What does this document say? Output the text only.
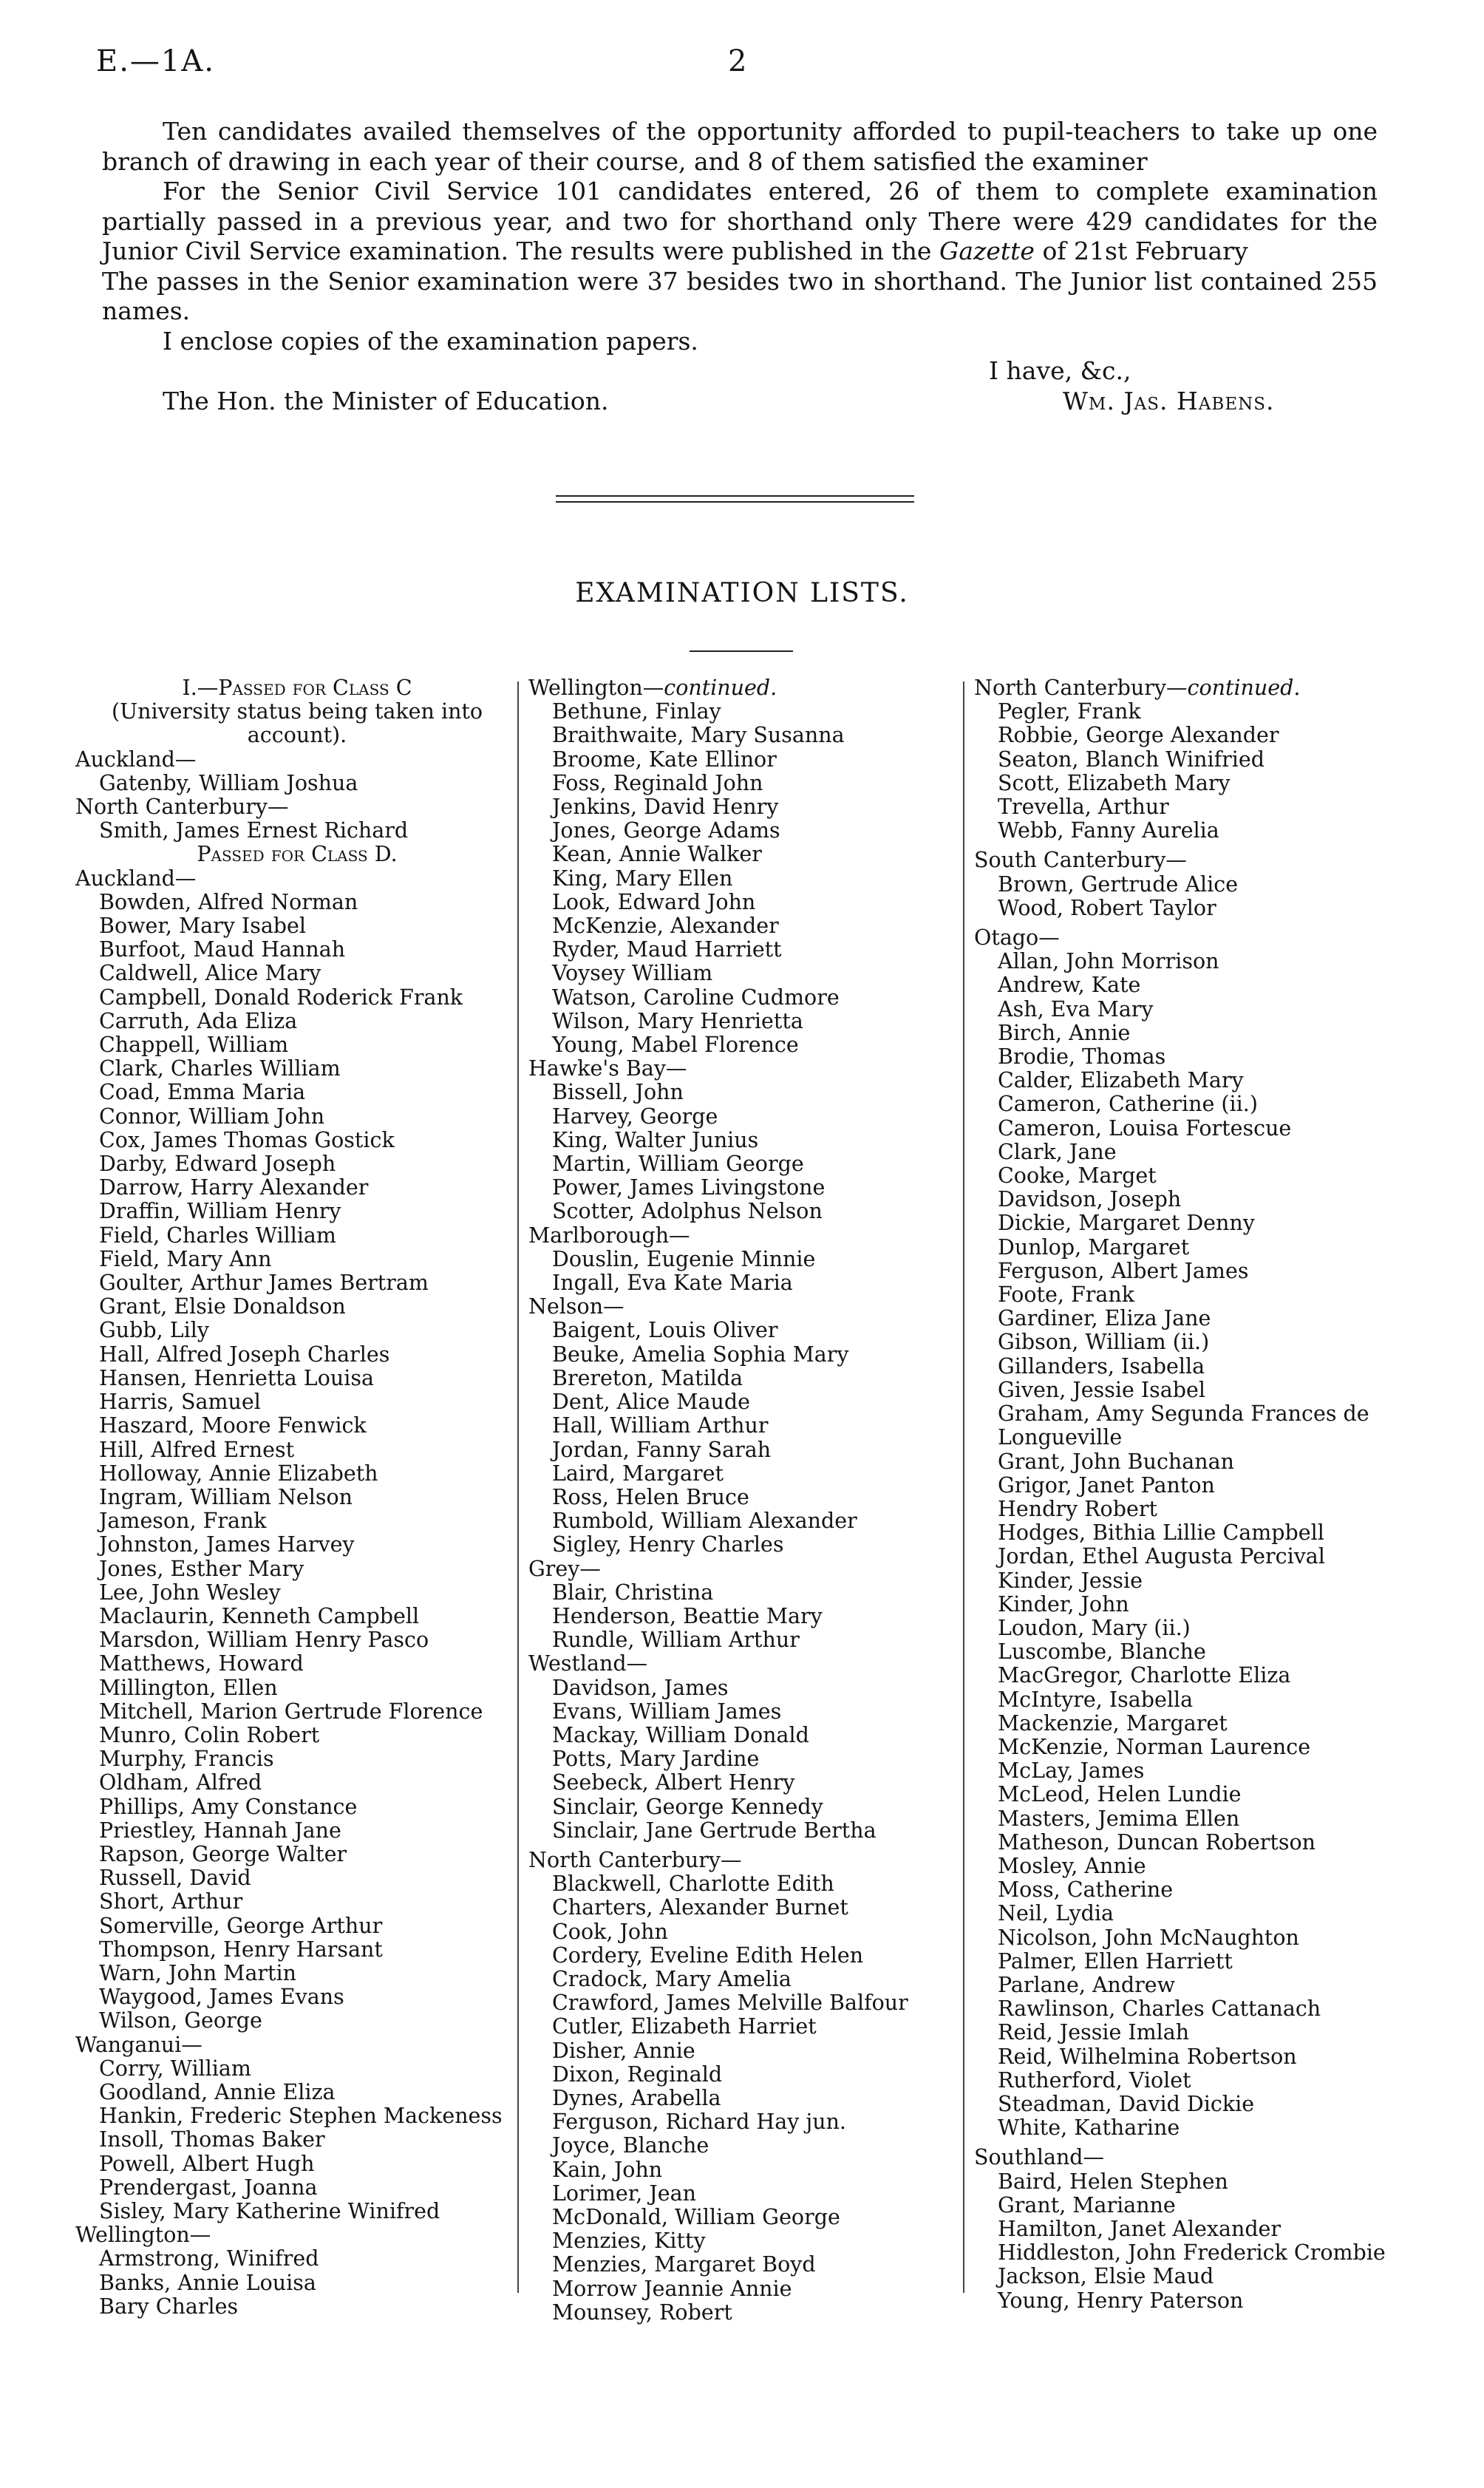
E.—1A.	2

Ten candidates availed themselves of the opportunity afforded to pupil-teachers to take up one branch of drawing in each year of their course, and 8 of them satisfied the examiner

For the Senior Civil Service 101 candidates entered, 26 of them to complete examination partially passed in a previous year, and two for shorthand only There were 429 candidates for the Junior Civil Service examination. The results were published in the Gazette of 21st February

The passes in the Senior examination were 37 besides two in shorthand. The Junior list contained 255 names.

I enclose copies of the examination papers.

I have, &c.,
The Hon. the Minister of Education.	Wm. Jas. Habens.
EXAMINATION LISTS.
I.—Passed for Class C
(University status being taken into
account).
Auckland—
Gatenby, William Joshua
North Canterbury—
Smith, James Ernest Richard
Passed for Class D.
Auckland—
Bowden, Alfred Norman
Bower, Mary Isabel
Burfoot, Maud Hannah
Caldwell, Alice Mary
Campbell, Donald Roderick Frank
Carruth, Ada Eliza
Chappell, William
Clark, Charles William
Coad, Emma Maria
Connor, William John
Cox, James Thomas Gostick
Darby, Edward Joseph
Darrow, Harry Alexander
Draffin, William Henry
Field, Charles William
Field, Mary Ann
Goulter, Arthur James Bertram
Grant, Elsie Donaldson
Gubb, Lily
Hall, Alfred Joseph Charles
Hansen, Henrietta Louisa
Harris, Samuel
Haszard, Moore Fenwick
Hill, Alfred Ernest
Holloway, Annie Elizabeth
Ingram, William Nelson
Jameson, Frank
Johnston, James Harvey
Jones, Esther Mary
Lee, John Wesley
Maclaurin, Kenneth Campbell
Marsdon, William Henry Pasco
Matthews, Howard
Millington, Ellen
Mitchell, Marion Gertrude Florence
Munro, Colin Robert
Murphy, Francis
Oldham, Alfred
Phillips, Amy Constance
Priestley, Hannah Jane
Rapson, George Walter
Russell, David
Short, Arthur
Somerville, George Arthur
Thompson, Henry Harsant
Warn, John Martin
Waygood, James Evans
Wilson, George
Wanganui—
Corry, William
Goodland, Annie Eliza
Hankin, Frederic Stephen Mackeness
Insoll, Thomas Baker
Powell, Albert Hugh
Prendergast, Joanna
Sisley, Mary Katherine Winifred
Wellington—
Armstrong, Winifred
Banks, Annie Louisa
Bary Charles
Wellington—continued.
Bethune, Finlay
Braithwaite, Mary Susanna
Broome, Kate Ellinor
Foss, Reginald John
Jenkins, David Henry
Jones, George Adams
Kean, Annie Walker
King, Mary Ellen
Look, Edward John
McKenzie, Alexander
Ryder, Maud Harriett
Voysey William
Watson, Caroline Cudmore
Wilson, Mary Henrietta
Young, Mabel Florence
Hawke's Bay—
Bissell, John
Harvey, George
King, Walter Junius
Martin, William George
Power, James Livingstone
Scotter, Adolphus Nelson
Marlborough—
Douslin, Eugenie Minnie
Ingall, Eva Kate Maria
Nelson—
Baigent, Louis Oliver
Beuke, Amelia Sophia Mary
Brereton, Matilda
Dent, Alice Maude
Hall, William Arthur
Jordan, Fanny Sarah
Laird, Margaret
Ross, Helen Bruce
Rumbold, William Alexander
Sigley, Henry Charles
Grey—
Blair, Christina
Henderson, Beattie Mary
Rundle, William Arthur
Westland—
Davidson, James
Evans, William James
Mackay, William Donald
Potts, Mary Jardine
Seebeck, Albert Henry
Sinclair, George Kennedy
Sinclair, Jane Gertrude Bertha
North Canterbury—
Blackwell, Charlotte Edith
Charters, Alexander Burnet
Cook, John
Cordery, Eveline Edith Helen
Cradock, Mary Amelia
Crawford, James Melville Balfour
Cutler, Elizabeth Harriet
Disher, Annie
Dixon, Reginald
Dynes, Arabella
Ferguson, Richard Hay jun.
Joyce, Blanche
Kain, John
Lorimer, Jean
McDonald, William George
Menzies, Kitty
Menzies, Margaret Boyd
Morrow Jeannie Annie
Mounsey, Robert
North Canterbury—continued.
Pegler, Frank
Robbie, George Alexander
Seaton, Blanch Winifried
Scott, Elizabeth Mary
Trevella, Arthur
Webb, Fanny Aurelia
South Canterbury—
Brown, Gertrude Alice
Wood, Robert Taylor
Otago—
Allan, John Morrison
Andrew, Kate
Ash, Eva Mary
Birch, Annie
Brodie, Thomas
Calder, Elizabeth Mary
Cameron, Catherine (ii.)
Cameron, Louisa Fortescue
Clark, Jane
Cooke, Marget
Davidson, Joseph
Dickie, Margaret Denny
Dunlop, Margaret
Ferguson, Albert James
Foote, Frank
Gardiner, Eliza Jane
Gibson, William (ii.)
Gillanders, Isabella
Given, Jessie Isabel
Graham, Amy Segunda Frances de Longueville
Grant, John Buchanan
Grigor, Janet Panton
Hendry Robert
Hodges, Bithia Lillie Campbell
Jordan, Ethel Augusta Percival
Kinder, Jessie
Kinder, John
Loudon, Mary (ii.)
Luscombe, Blanche
MacGregor, Charlotte Eliza
McIntyre, Isabella
Mackenzie, Margaret
McKenzie, Norman Laurence
McLay, James
McLeod, Helen Lundie
Masters, Jemima Ellen
Matheson, Duncan Robertson
Mosley, Annie
Moss, Catherine
Neil, Lydia
Nicolson, John McNaughton
Palmer, Ellen Harriett
Parlane, Andrew
Rawlinson, Charles Cattanach
Reid, Jessie Imlah
Reid, Wilhelmina Robertson
Rutherford, Violet
Steadman, David Dickie
White, Katharine
Southland—
Baird, Helen Stephen
Grant, Marianne
Hamilton, Janet Alexander
Hiddleston, John Frederick Crombie
Jackson, Elsie Maud
Young, Henry Paterson
